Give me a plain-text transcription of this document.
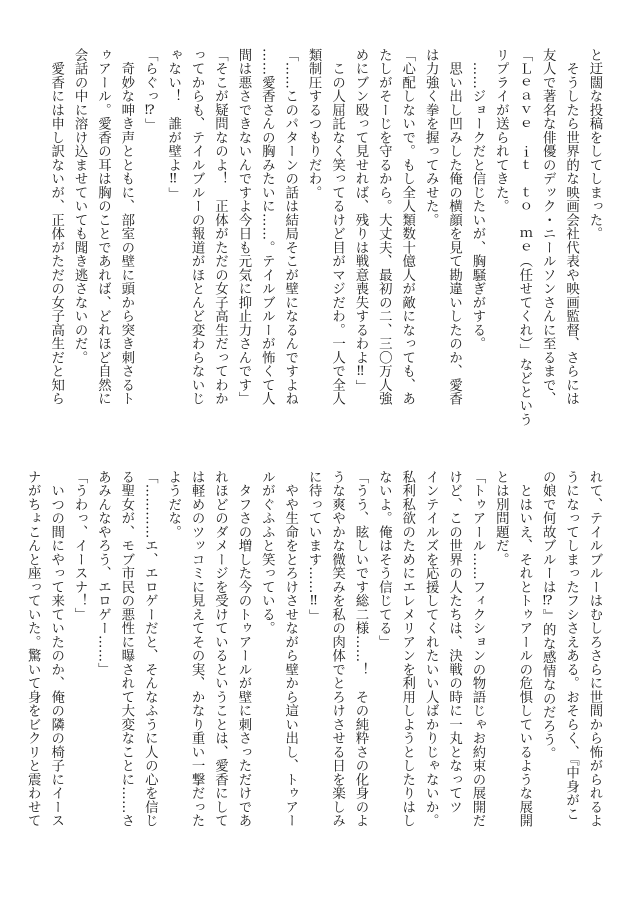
と迂闊な投稿をしてしまった。
　そうしたら世界的な映画会社代表や映画監督、さらには
友人で著名な俳優のデック・ニールソンさんに至るまで、
「Ｌｅａｖｅ　ｉｔ　ｔｏ　ｍｅ（任せてくれ）」などという
リプライが送られてきた。
　……ジョークだと信じたいが、胸騒ぎがする。
　思い出し凹みした俺の横顔を見て勘違いしたのか、愛香
は力強く拳を握ってみせた。
「心配しないで。もし全人類数十億人が敵になっても、あ
たしがそーじを守るから。大丈夫、最初の二、三〇万人強
めにブン殴って見せれば、残りは戦意喪失するわよ‼」
　この人屈託なく笑ってるけど目がマジだわ。一人で全人
類制圧するつもりだわ。
「……このパターンの話は結局そこが壁になるんですよね
……愛香さんの胸みたいに……。テイルブルーが怖くて人
間は悪さできないんですよ今日も元気に抑止力さんです」
「そこが疑問なのよ！　正体がただの女子高生だってわか
ってからも、テイルブルーの報道がほとんど変わらないじ
ゃない！　誰が壁よ‼」
「らぐっ⁉」
　奇妙な呻き声とともに、部室の壁に頭から突き刺さるト
ゥアール。愛香の耳は胸のことであれば、どれほど自然に
会話の中に溶け込ませていても聞き逃さないのだ。
　愛香には申し訳ないが、正体がただの女子高生だと知ら
れて、テイルブルーはむしろさらに世間から怖がられるよ
うになってしまったフシさえある。おそらく、『中身がこ
の娘で何故ブルーは⁉』的な感情なのだろう。
　とはいえ、それとトゥアールの危惧しているような展開
とは別問題だ。
「トゥアール……フィクションの物語じゃお約束の展開だ
けど、この世界の人たちは、決戦の時に一丸となってツ
インテイルズを応援してくれたいい人ばかりじゃないか。
私利私欲のためにエレメリアンを利用しようとしたりはし
ないよ。俺はそう信じてる」
「うう、眩しいです総二様……！　その純粋さの化身のよ
うな爽やかな微笑みを私の肉体でとろけさせる日を楽しみ
に待っています……‼」
　やや生命をとろけさせながら壁から這い出し、トゥアー
ルがぐふふと笑っている。
　タフさの増した今のトゥアールが壁に刺さっただけであ
れほどのダメージを受けているということは、愛香にして
は軽めのツッコミに見えてその実、かなり重い一撃だった
ようだな。
「…………エ、エロゲーだと、そんなふうに人の心を信じ
る聖女が、モブ市民の悪性に曝されて大変なことに……さ
あみんなやろう、エロゲー……」
「うわっ、イースナ！」
　いつの間にやって来ていたのか、俺の隣の椅子にイース
ナがちょこんと座っていた。驚いて身をビクリと震わせて
